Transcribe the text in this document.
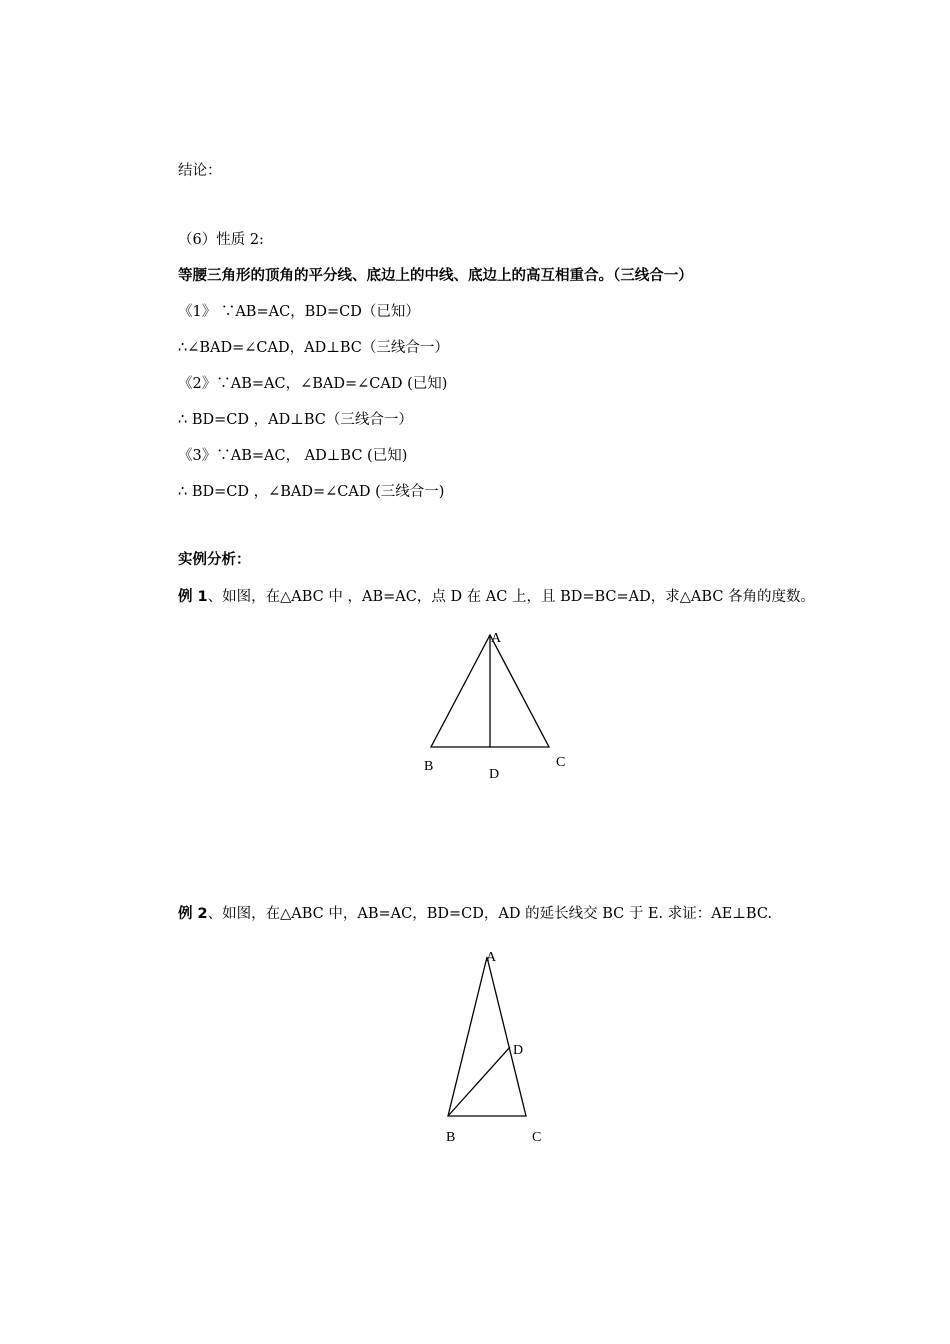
结论：
（6）性质 2:
等腰三角形的顶角的平分线、底边上的中线、底边上的高互相重合。（三线合一）
《1》 ∵AB=AC，BD=CD（已知）
∴∠BAD=∠CAD，AD⊥BC（三线合一）
《2》∵AB=AC，∠BAD=∠CAD (已知)
∴ BD=CD ，AD⊥BC（三线合一）
《3》∵AB=AC， AD⊥BC (已知)
∴ BD=CD ，∠BAD=∠CAD (三线合一)
实例分析：
例 1、如图，在△ABC 中 ，AB=AC，点 D 在 AC 上，且 BD=BC=AD，求△ABC 各角的度数。
A
B	C
D
例 2、如图，在△ABC 中，AB=AC，BD=CD，AD 的延长线交 BC 于 E. 求证：AE⊥BC.
A
D
B	C
